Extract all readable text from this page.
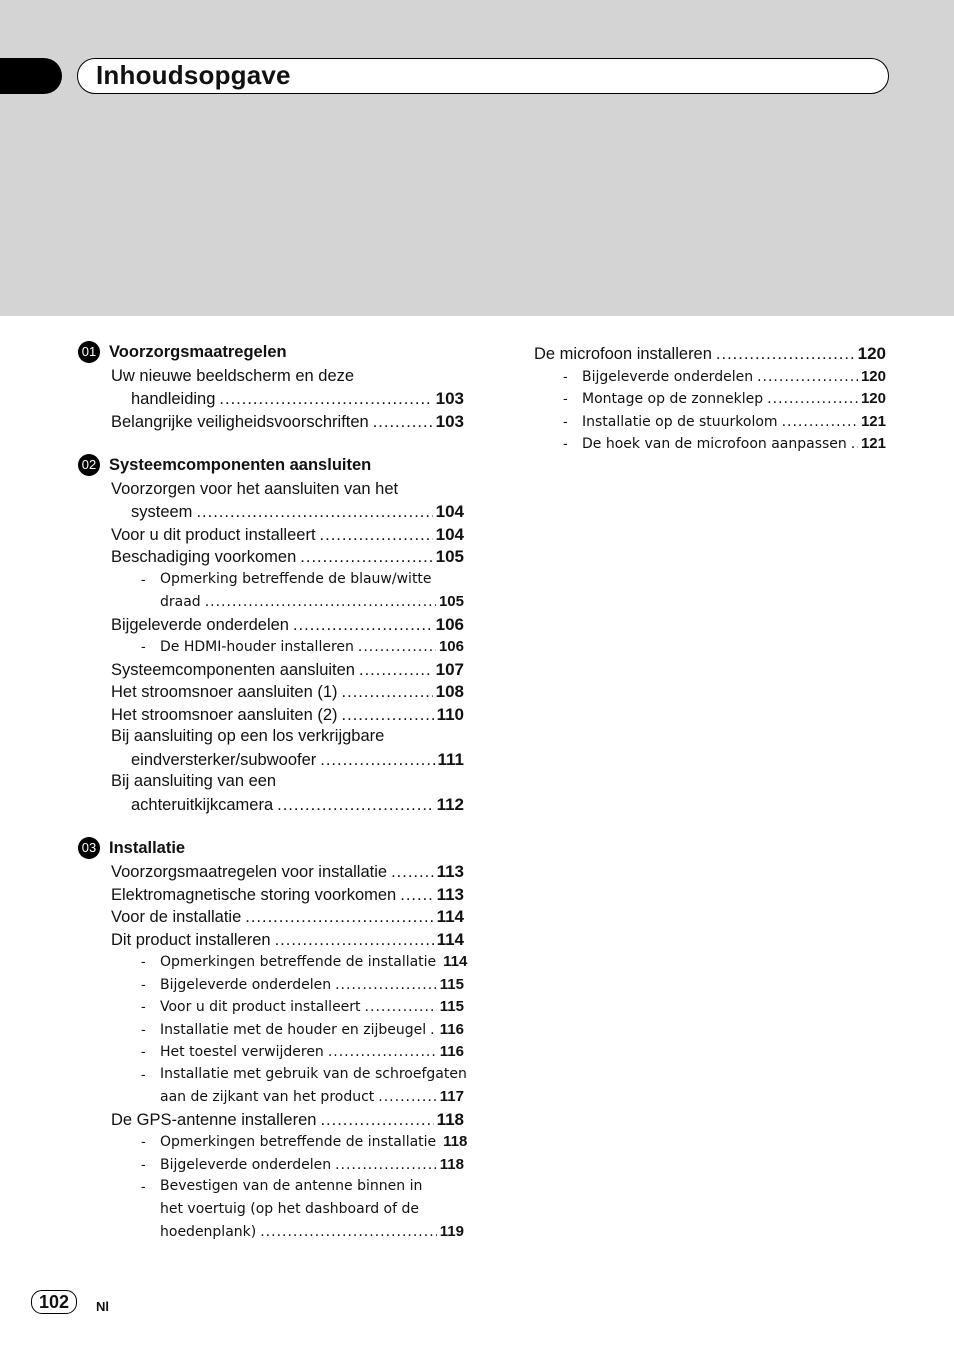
Inhoudsopgave
01 Voorzorgsmaatregelen
Uw nieuwe beeldscherm en deze
handleiding .....	103
Belangrijke veiligheidsvoorschriften .....	103
02 Systeemcomponenten aansluiten
Voorzorgen voor het aansluiten van het
systeem .....	104
Voor u dit product installeert .....	104
Beschadiging voorkomen .....	105
- Opmerking betreffende de blauw/witte
draad .....	105
Bijgeleverde onderdelen .....	106
- De HDMI-houder installeren .....	106
Systeemcomponenten aansluiten .....	107
Het stroomsnoer aansluiten (1) .....	108
Het stroomsnoer aansluiten (2) .....	110
Bij aansluiting op een los verkrijgbare
eindversterker/subwoofer .....	111
Bij aansluiting van een
achteruitkijkcamera .....	112
03 Installatie
Voorzorgsmaatregelen voor installatie .....	113
Elektromagnetische storing voorkomen ..... 113
Voor de installatie .....	114
Dit product installeren .....	114
- Opmerkingen betreffende de installatie 114
- Bijgeleverde onderdelen .....	115
- Voor u dit product installeert .....	115
- Installatie met de houder en zijbeugel ..... 116
- Het toestel verwijderen .....	116
- Installatie met gebruik van de schroefgaten
aan de zijkant van het product .....	117
De GPS-antenne installeren .....	118
- Opmerkingen betreffende de installatie 118
- Bijgeleverde onderdelen .....	118
- Bevestigen van de antenne binnen in
het voertuig (op het dashboard of de
hoedenplank) .....	119
De microfoon installeren .....	120
- Bijgeleverde onderdelen .....	120
- Montage op de zonneklep .....	120
- Installatie op de stuurkolom .....	121
- De hoek van de microfoon aanpassen ..... 121
102	Nl
